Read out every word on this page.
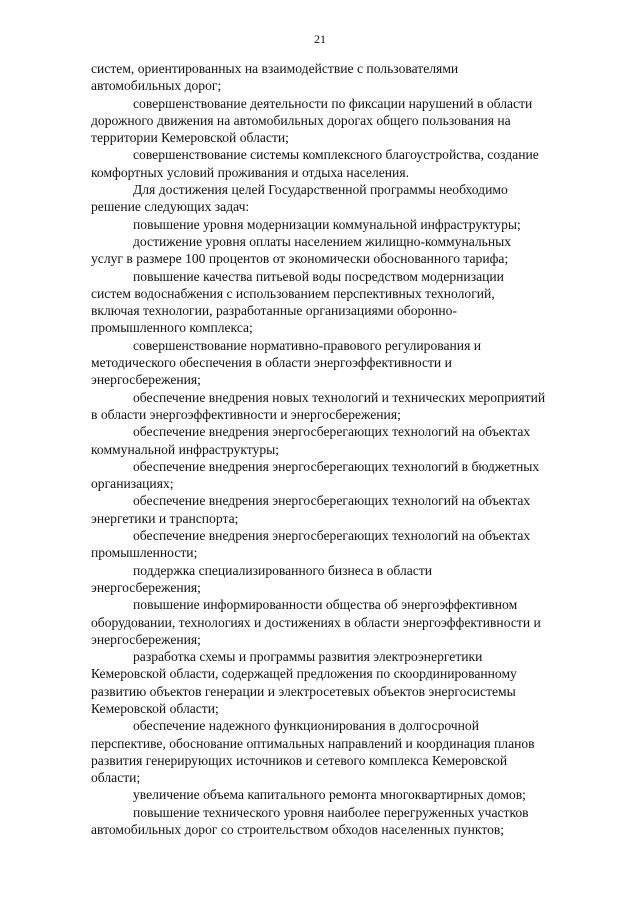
21

систем, ориентированных на взаимодействие с пользователями
автомобильных дорог;

совершенствование деятельности по фиксации нарушений в области
дорожного движения на автомобильных дорогах общего пользования на
территории Кемеровской области;

совершенствование системы комплексного благоустройства, создание
комфортных условий проживания и отдыха населения.

Для достижения целей Государственной программы необходимо
решение следующих задач:

повышение уровня модернизации коммунальной инфраструктуры;

достижение уровня оплаты населением жилищно-коммунальных
услуг в размере 100 процентов от экономически обоснованного тарифа;

повышение качества питьевой воды посредством модернизации
систем водоснабжения с использованием перспективных технологий,
включая технологии, разработанные организациями оборонно-
промышленного комплекса;

совершенствование нормативно-правового регулирования и
методического обеспечения в области энергоэффективности и
энергосбережения;

обеспечение внедрения новых технологий и технических мероприятий
в области энергоэффективности и энергосбережения;

обеспечение внедрения энергосберегающих технологий на объектах
коммунальной инфраструктуры;

обеспечение внедрения энергосберегающих технологий в бюджетных
организациях;

обеспечение внедрения энергосберегающих технологий на объектах
энергетики и транспорта;

обеспечение внедрения энергосберегающих технологий на объектах
промышленности;

поддержка специализированного бизнеса в области
энергосбережения;

повышение информированности общества об энергоэффективном
оборудовании, технологиях и достижениях в области энергоэффективности и
энергосбережения;

разработка схемы и программы развития электроэнергетики
Кемеровской области, содержащей предложения по скоординированному
развитию объектов генерации и электросетевых объектов энергосистемы
Кемеровской области;

обеспечение надежного функционирования в долгосрочной
перспективе, обоснование оптимальных направлений и координация планов
развития генерирующих источников и сетевого комплекса Кемеровской
области;

увеличение объема капитального ремонта многоквартирных домов;

повышение технического уровня наиболее перегруженных участков
автомобильных дорог со строительством обходов населенных пунктов;
